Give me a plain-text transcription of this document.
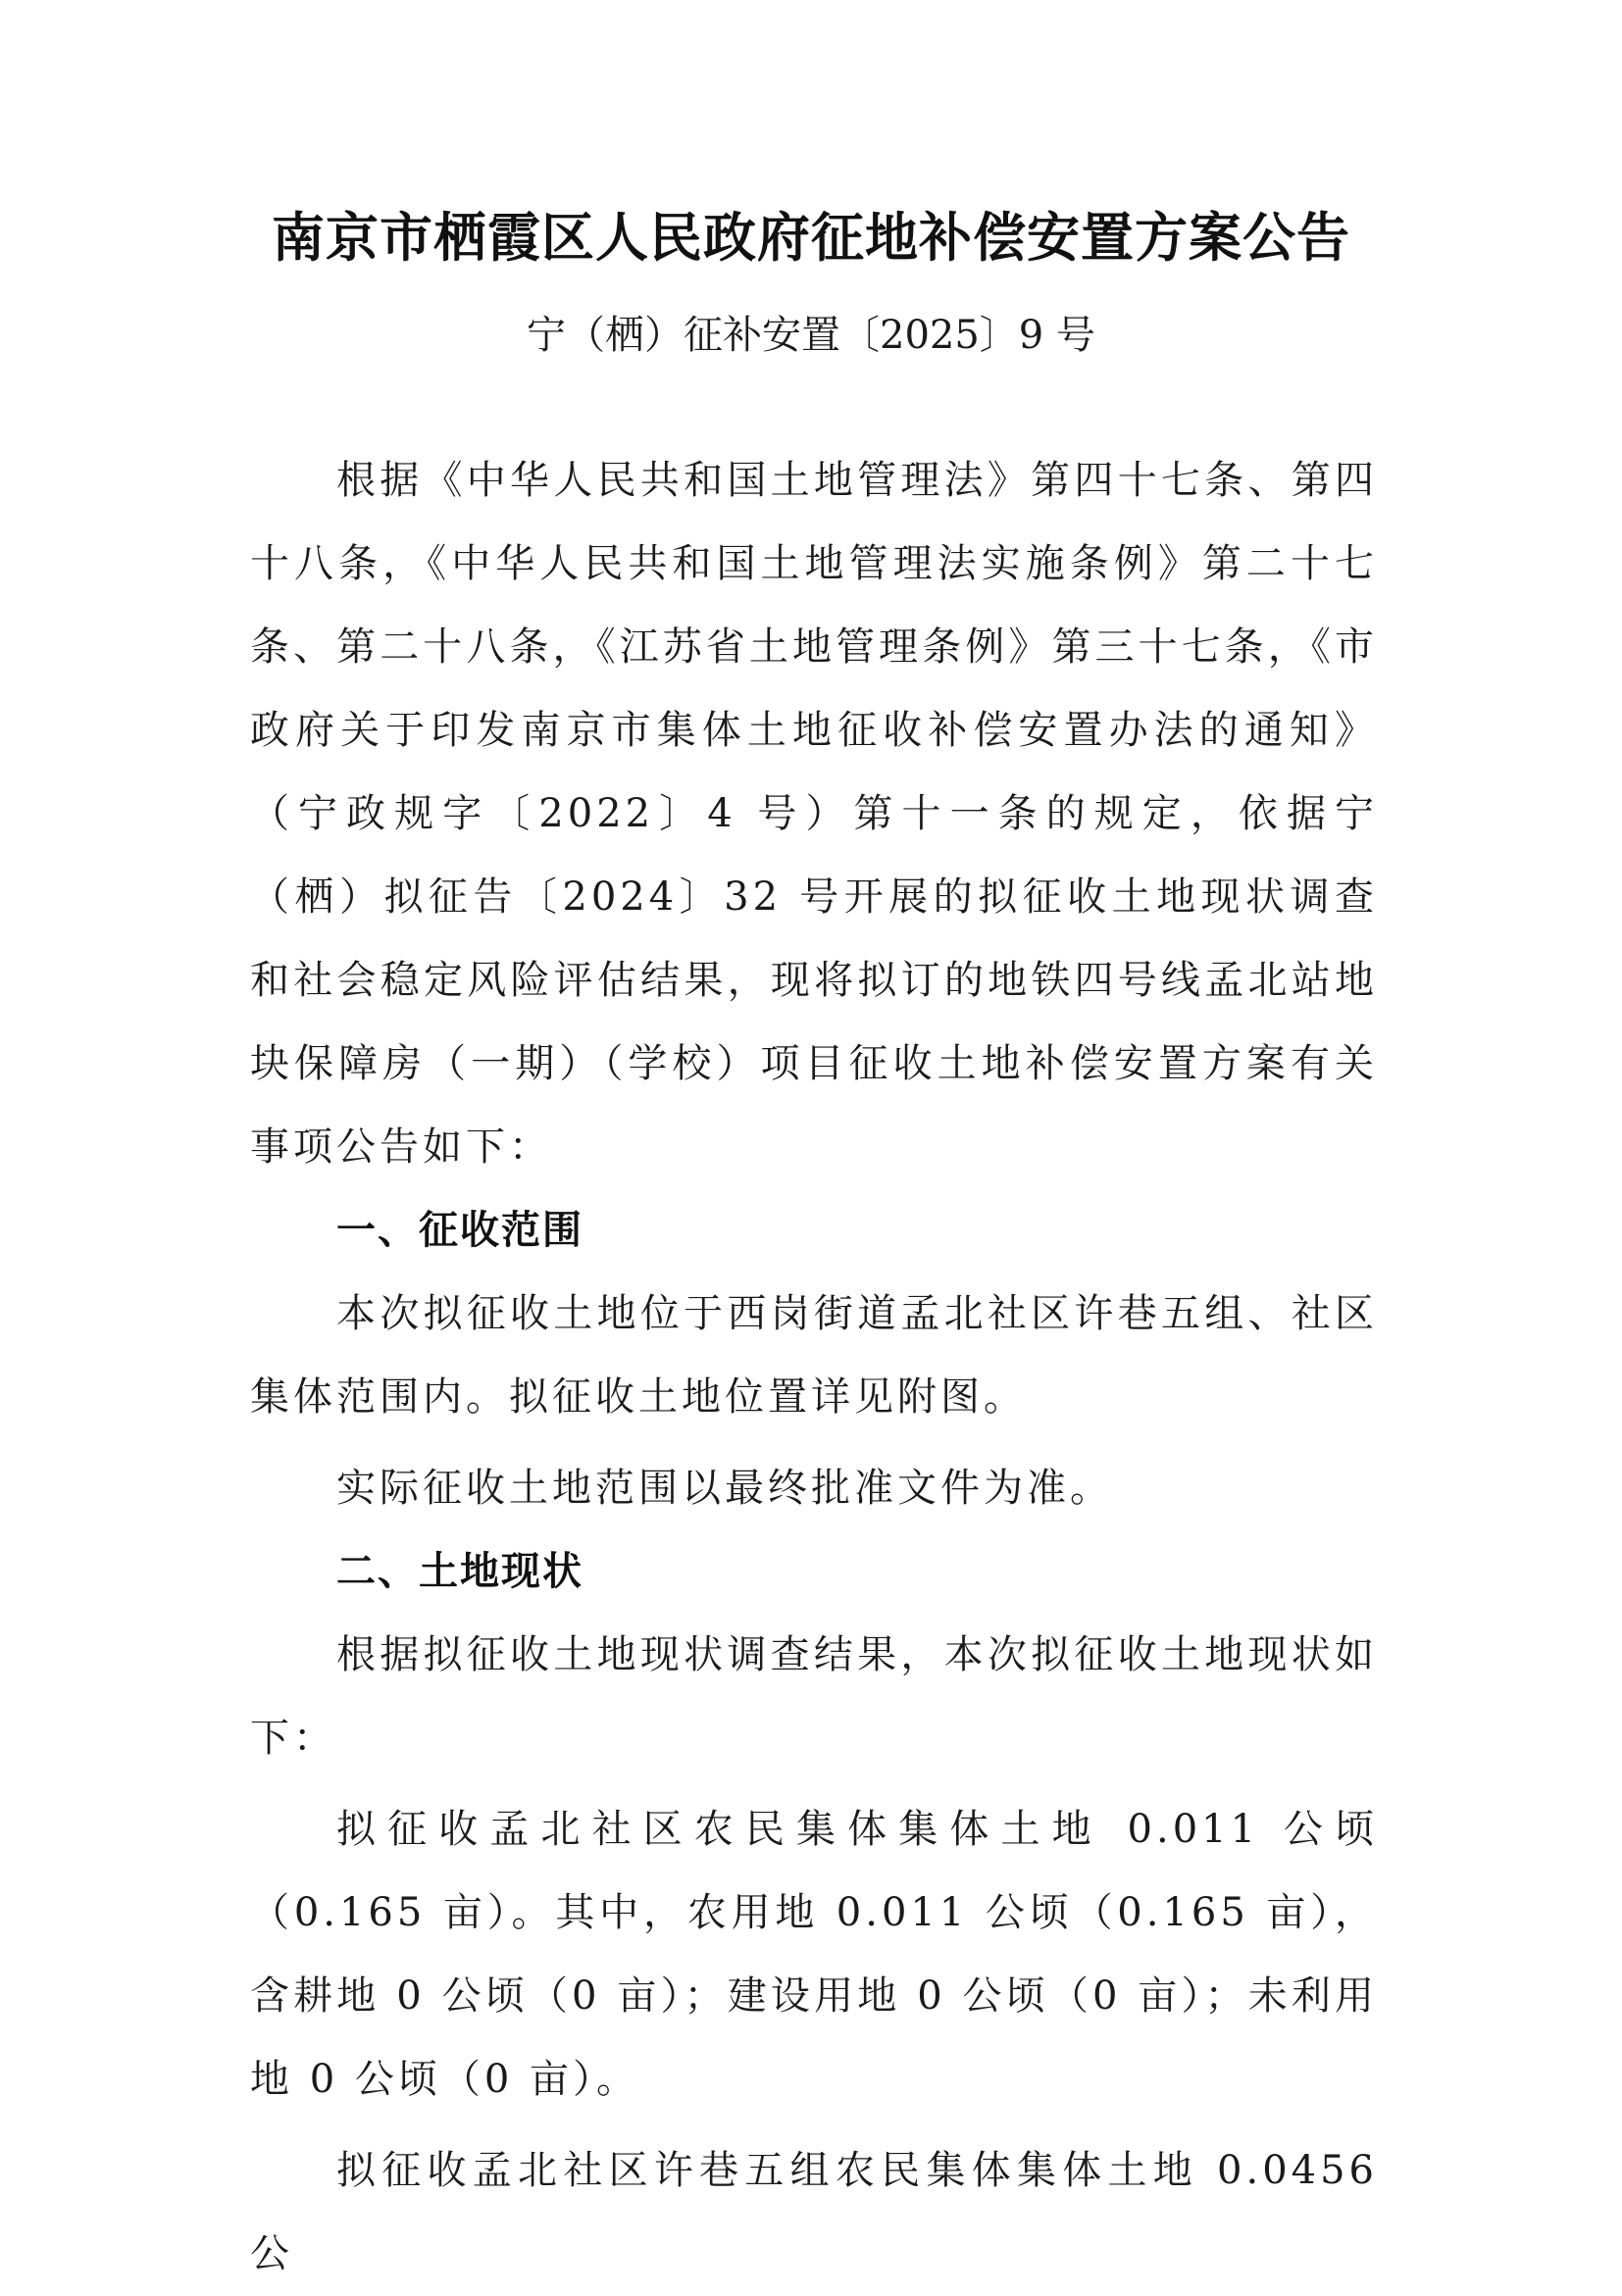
南京市栖霞区人民政府征地补偿安置方案公告
宁（栖）征补安置〔2025〕9 号

根据《中华人民共和国土地管理法》第四十七条、第四十八条，《中华人民共和国土地管理法实施条例》第二十七条、第二十八条，《江苏省土地管理条例》第三十七条，《市政府关于印发南京市集体土地征收补偿安置办法的通知》（宁政规字〔2022〕4 号）第十一条的规定，依据宁（栖）拟征告〔2024〕32 号开展的拟征收土地现状调查和社会稳定风险评估结果，现将拟订的地铁四号线孟北站地块保障房（一期）（学校）项目征收土地补偿安置方案有关事项公告如下：

一、征收范围

本次拟征收土地位于西岗街道孟北社区许巷五组、社区集体范围内。拟征收土地位置详见附图。

实际征收土地范围以最终批准文件为准。

二、土地现状

根据拟征收土地现状调查结果，本次拟征收土地现状如下：

拟征收孟北社区农民集体集体土地 0.011 公顷（0.165 亩）。其中，农用地 0.011 公顷（0.165 亩），含耕地 0 公顷（0 亩）；建设用地 0 公顷（0 亩）；未利用地 0 公顷（0 亩）。

拟征收孟北社区许巷五组农民集体集体土地 0.0456 公
